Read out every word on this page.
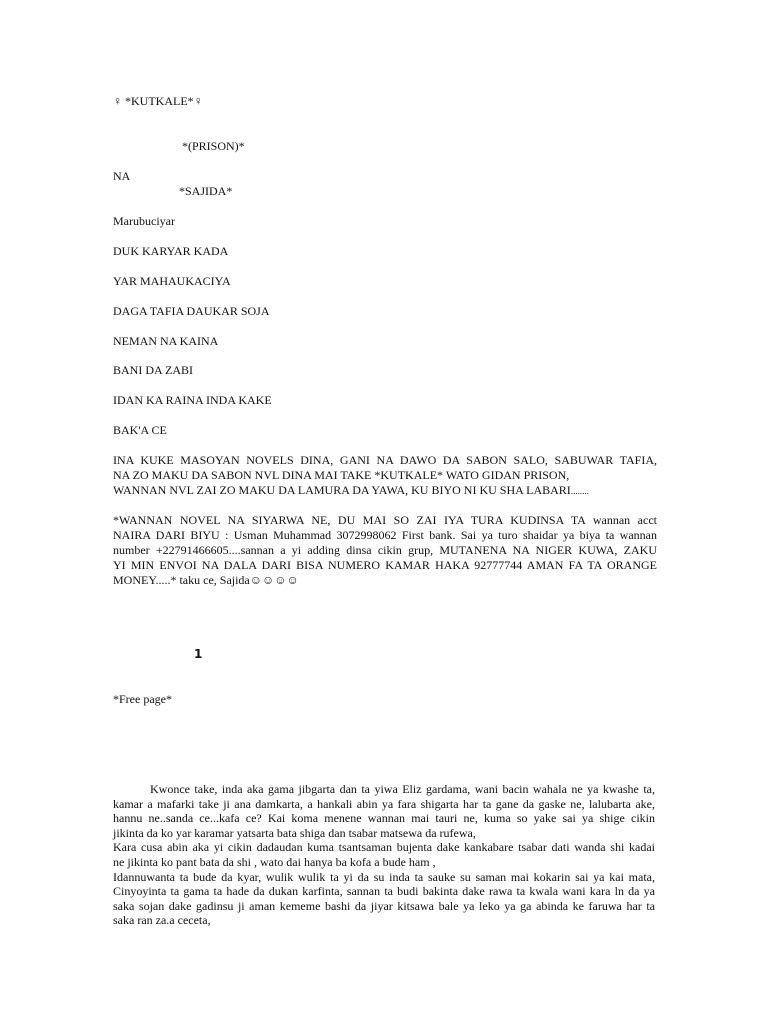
♀ *KUTKALE*♀
*(PRISON)*
NA
*SAJIDA*
Marubuciyar
DUK KARYAR KADA
YAR MAHAUKACIYA
DAGA TAFIA DAUKAR SOJA
NEMAN NA KAINA
BANI DA ZABI
IDAN KA RAINA INDA KAKE
BAK'A CE
INA KUKE MASOYAN NOVELS DINA, GANI NA DAWO DA SABON SALO, SABUWAR TAFIA,
NA ZO MAKU DA SABON NVL DINA MAI TAKE *KUTKALE* WATO GIDAN PRISON,
WANNAN NVL ZAI ZO MAKU DA LAMURA DA YAWA, KU BIYO NI KU SHA LABARI........
*WANNAN NOVEL NA SIYARWA NE, DU MAI SO ZAI IYA TURA KUDINSA TA wannan acct
NAIRA DARI BIYU : Usman Muhammad 3072998062 First bank. Sai ya turo shaidar ya biya ta wannan
number +22791466605....sannan a yi adding dinsa cikin grup, MUTANENA NA NIGER KUWA, ZAKU
YI MIN ENVOI NA DALA DARI BISA NUMERO KAMAR HAKA 92777744 AMAN FA TA ORANGE
MONEY.....* taku ce, Sajida☺☺☺☺
1
*Free page*
Kwonce take, inda aka gama jibgarta dan ta yiwa Eliz gardama, wani bacin wahala ne ya kwashe ta,
kamar a mafarki take ji ana damkarta, a hankali abin ya fara shigarta har ta gane da gaske ne, lalubarta ake,
hannu ne..sanda ce...kafa ce? Kai koma menene wannan mai tauri ne, kuma so yake sai ya shige cikin
jikinta da ko yar karamar yatsarta bata shiga dan tsabar matsewa da rufewa,
Kara cusa abin aka yi cikin dadaudan kuma tsantsaman bujenta dake kankabare tsabar dati wanda shi kadai
ne jikinta ko pant bata da shi , wato dai hanya ba kofa a bude ham ,
Idannuwanta ta bude da kyar, wulik wulik ta yi da su inda ta sauke su saman mai kokarin sai ya kai mata,
Cinyoyinta ta gama ta hade da dukan karfinta, sannan ta budi bakinta dake rawa ta kwala wani kara ln da ya
saka sojan dake gadinsu ji aman kememe bashi da jiyar kitsawa bale ya leko ya ga abinda ke faruwa har ta
saka ran za.a ceceta,
